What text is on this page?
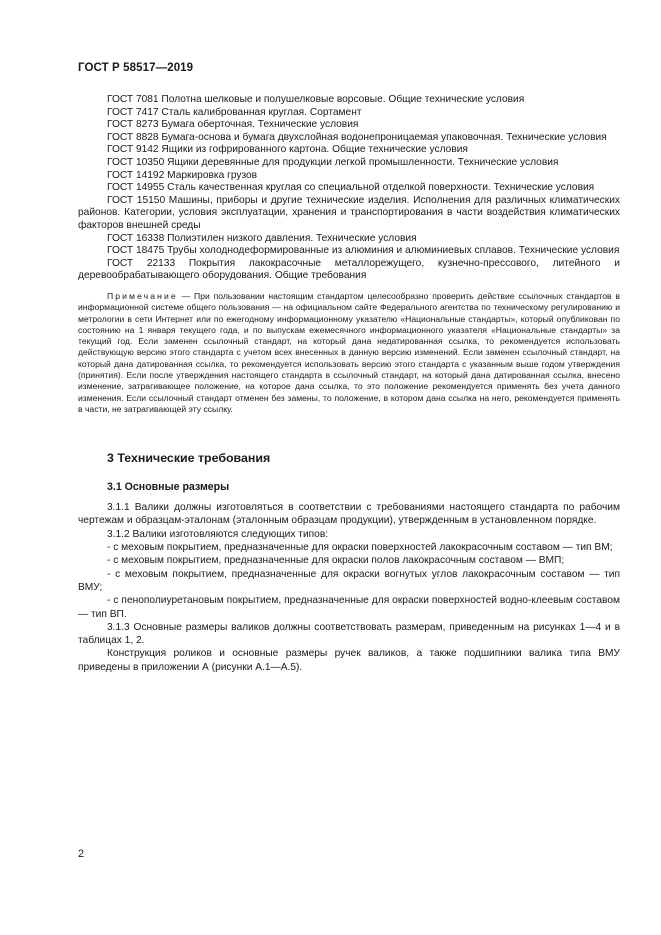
ГОСТ Р 58517—2019

ГОСТ 7081 Полотна шелковые и полушелковые ворсовые. Общие технические условия

ГОСТ 7417 Сталь калиброванная круглая. Сортамент

ГОСТ 8273 Бумага оберточная. Технические условия

ГОСТ 8828 Бумага-основа и бумага двухслойная водонепроницаемая упаковочная. Технические условия

ГОСТ 9142 Ящики из гофрированного картона. Общие технические условия

ГОСТ 10350 Ящики деревянные для продукции легкой промышленности. Технические условия

ГОСТ 14192 Маркировка грузов

ГОСТ 14955 Сталь качественная круглая со специальной отделкой поверхности. Технические условия

ГОСТ 15150 Машины, приборы и другие технические изделия. Исполнения для различных климатических районов. Категории, условия эксплуатации, хранения и транспортирования в части воздействия климатических факторов внешней среды

ГОСТ 16338 Полиэтилен низкого давления. Технические условия

ГОСТ 18475 Трубы холоднодеформированные из алюминия и алюминиевых сплавов. Технические условия

ГОСТ 22133 Покрытия лакокрасочные металлорежущего, кузнечно-прессового, литейного и деревообрабатывающего оборудования. Общие требования

Примечание — При пользовании настоящим стандартом целесообразно проверить действие ссылочных стандартов в информационной системе общего пользования — на официальном сайте Федерального агентства по техническому регулированию и метрологии в сети Интернет или по ежегодному информационному указателю «Национальные стандарты», который опубликован по состоянию на 1 января текущего года, и по выпускам ежемесячного информационного указателя «Национальные стандарты» за текущий год. Если заменен ссылочный стандарт, на который дана недатированная ссылка, то рекомендуется использовать действующую версию этого стандарта с учетом всех внесенных в данную версию изменений. Если заменен ссылочный стандарт, на который дана датированная ссылка, то рекомендуется использовать версию этого стандарта с указанным выше годом утверждения (принятия). Если после утверждения настоящего стандарта в ссылочный стандарт, на который дана датированная ссылка, внесено изменение, затрагивающее положение, на которое дана ссылка, то это положение рекомендуется применять без учета данного изменения. Если ссылочный стандарт отменен без замены, то положение, в котором дана ссылка на него, рекомендуется применять в части, не затрагивающей эту ссылку.

3 Технические требования
3.1 Основные размеры

3.1.1 Валики должны изготовляться в соответствии с требованиями настоящего стандарта по рабочим чертежам и образцам-эталонам (эталонным образцам продукции), утвержденным в установленном порядке.

3.1.2 Валики изготовляются следующих типов:

- с меховым покрытием, предназначенные для окраски поверхностей лакокрасочным составом — тип ВМ;

- с меховым покрытием, предназначенные для окраски полов лакокрасочным составом — ВМП;

- с меховым покрытием, предназначенные для окраски вогнутых углов лакокрасочным составом — тип ВМУ;

- с пенополиуретановым покрытием, предназначенные для окраски поверхностей водно-клеевым составом — тип ВП.

3.1.3 Основные размеры валиков должны соответствовать размерам, приведенным на рисунках 1—4 и в таблицах 1, 2.

Конструкция роликов и основные размеры ручек валиков, а также подшипники валика типа ВМУ приведены в приложении А (рисунки А.1—А.5).

2
